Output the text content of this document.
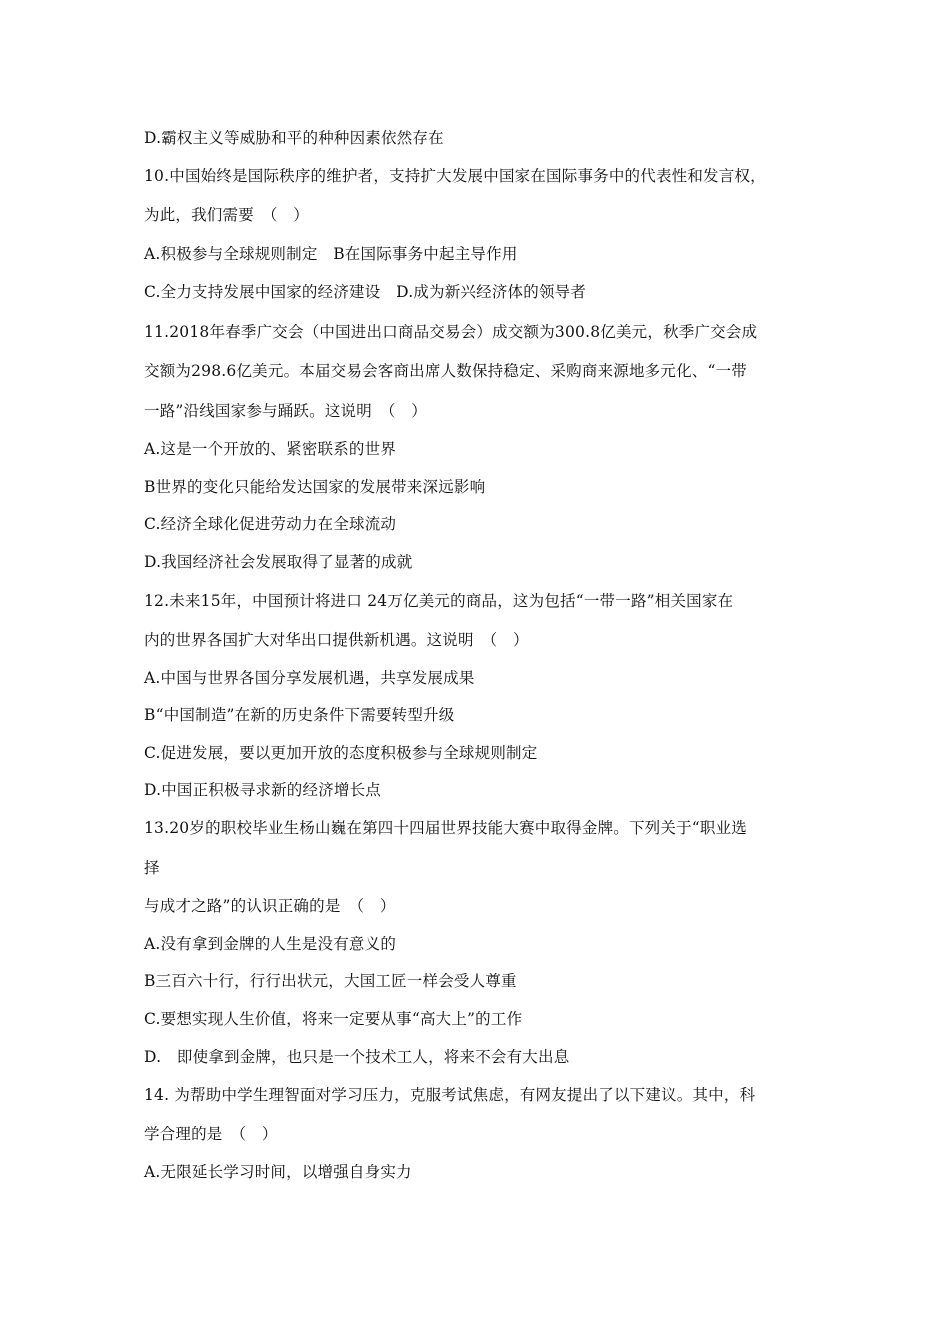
D.霸权主义等威胁和平的种种因素依然存在
10.中国始终是国际秩序的维护者，支持扩大发展中国家在国际事务中的代表性和发言权，
为此，我们需要　（　）
A.积极参与全球规则制定　B在国际事务中起主导作用
C.全力支持发展中国家的经济建设　D.成为新兴经济体的领导者
11.2018年春季广交会（中国进出口商品交易会）成交额为300.8亿美元，秋季广交会成
交额为298.6亿美元。本届交易会客商出席人数保持稳定、采购商来源地多元化、“一带
一路”沿线国家参与踊跃。这说明　（　）
A.这是一个开放的、紧密联系的世界
B世界的变化只能给发达国家的发展带来深远影响
C.经济全球化促进劳动力在全球流动
D.我国经济社会发展取得了显著的成就
12.未来15年，中国预计将进口 24万亿美元的商品，这为包括“一带一路”相关国家在
内的世界各国扩大对华出口提供新机遇。这说明　（　）
A.中国与世界各国分享发展机遇，共享发展成果
B“中国制造”在新的历史条件下需要转型升级
C.促进发展，要以更加开放的态度积极参与全球规则制定
D.中国正积极寻求新的经济增长点
13.20岁的职校毕业生杨山巍在第四十四届世界技能大赛中取得金牌。下列关于“职业选
择
与成才之路”的认识正确的是　（　）
A.没有拿到金牌的人生是没有意义的
B三百六十行，行行出状元，大国工匠一样会受人尊重
C.要想实现人生价值，将来一定要从事“高大上”的工作
D.　即使拿到金牌，也只是一个技术工人，将来不会有大出息
14. 为帮助中学生理智面对学习压力，克服考试焦虑，有网友提出了以下建议。其中，科
学合理的是　（　）
A.无限延长学习时间，以增强自身实力
